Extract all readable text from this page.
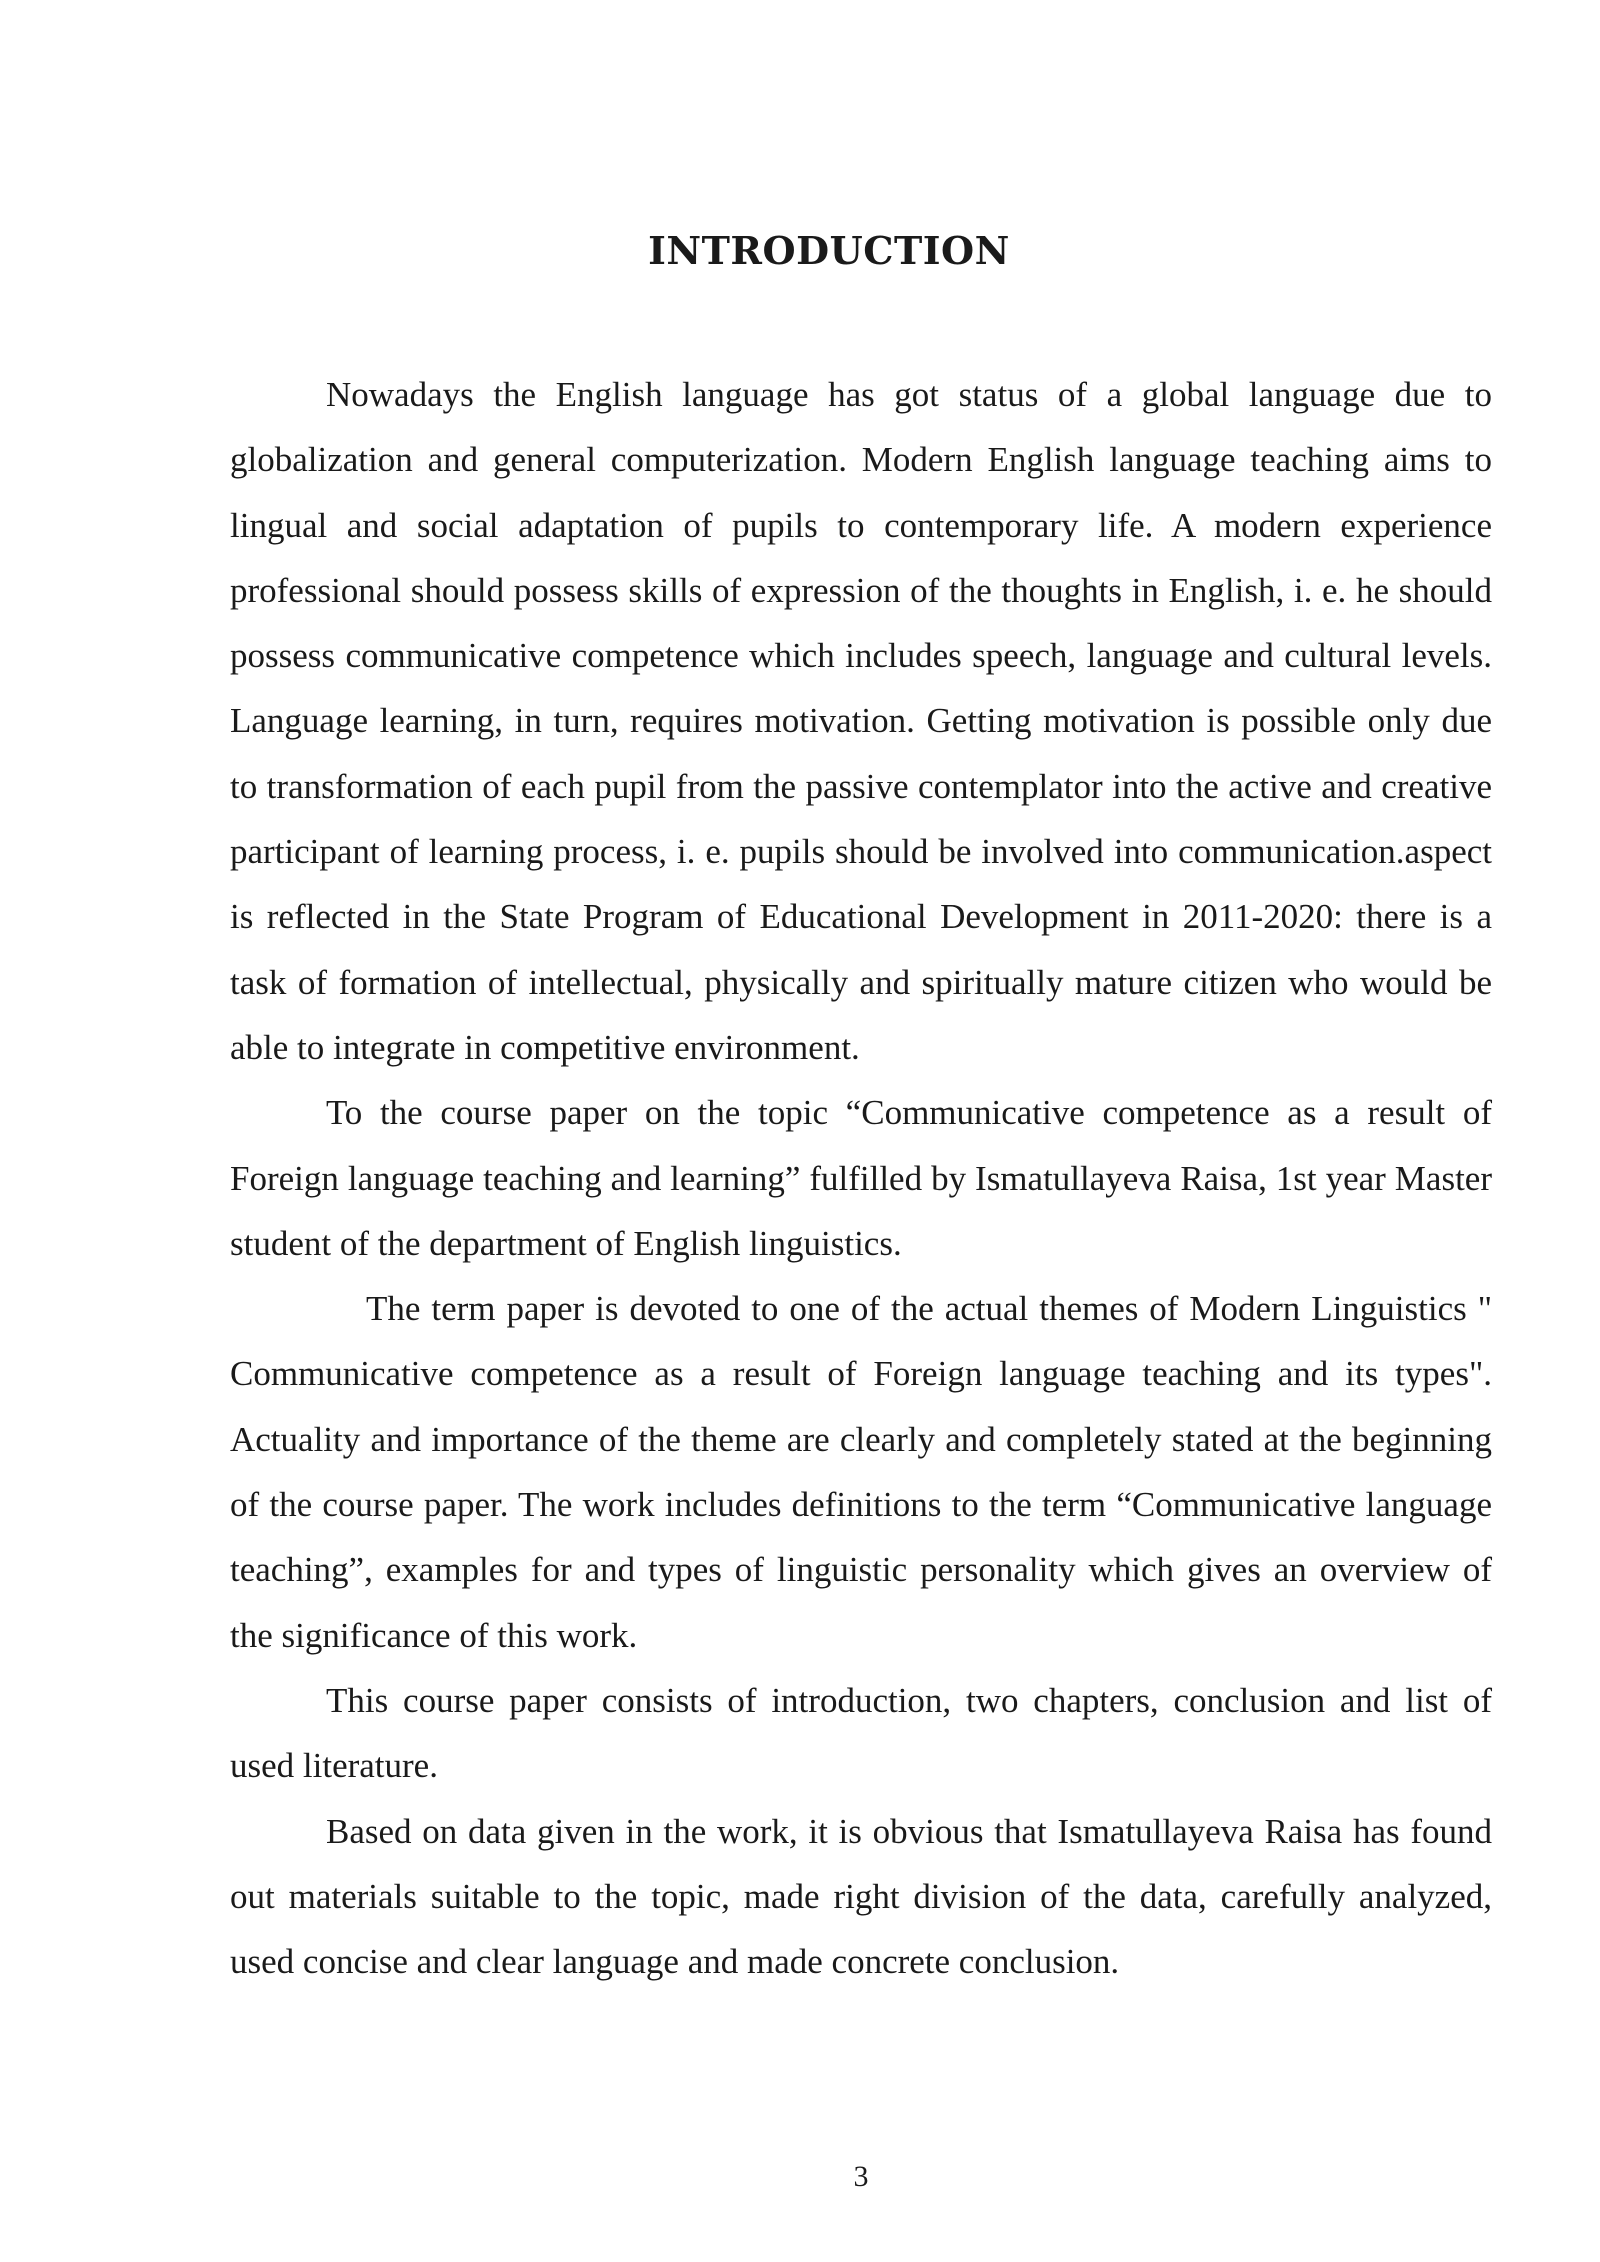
INTRODUCTION

Nowadays the English language has got status of a global language due to globalization and general computerization. Modern English language teaching aims to lingual and social adaptation of pupils to contemporary life. A modern experience professional should possess skills of expression of the thoughts in English, i. e. he should possess communicative competence which includes speech, language and cultural levels. Language learning, in turn, requires motivation. Getting motivation is possible only due to transformation of each pupil from the passive contemplator into the active and creative participant of learning process, i. e. pupils should be involved into communication.aspect is reflected in the State Program of Educational Development in 2011-2020: there is a task of formation of intellectual, physically and spiritually mature citizen who would be able to integrate in competitive environment.

То the course paper on the topic “Communicative competence as a result of Foreign language teaching and learning” fulfilled by Ismatullayeva Raisa, 1st year Master student of the department of English linguistics.

The term paper is devoted to one of the actual themes of Modern Linguistics " Communicative competence as a result of Foreign language teaching and its types". Actuality and importance of the theme are clearly and completely stated at the beginning of the course paper. The work includes definitions to the term “Communicative language teaching”, examples for and types of linguistic personality which gives an overview of the significance of this work.

This course paper consists of introduction, two chapters, conclusion and list of used literature.

Based on data given in the work, it is obvious that Ismatullayeva Raisa has found out materials suitable to the topic, made right division of the data, carefully analyzed, used concise and clear language and made concrete conclusion.

3
